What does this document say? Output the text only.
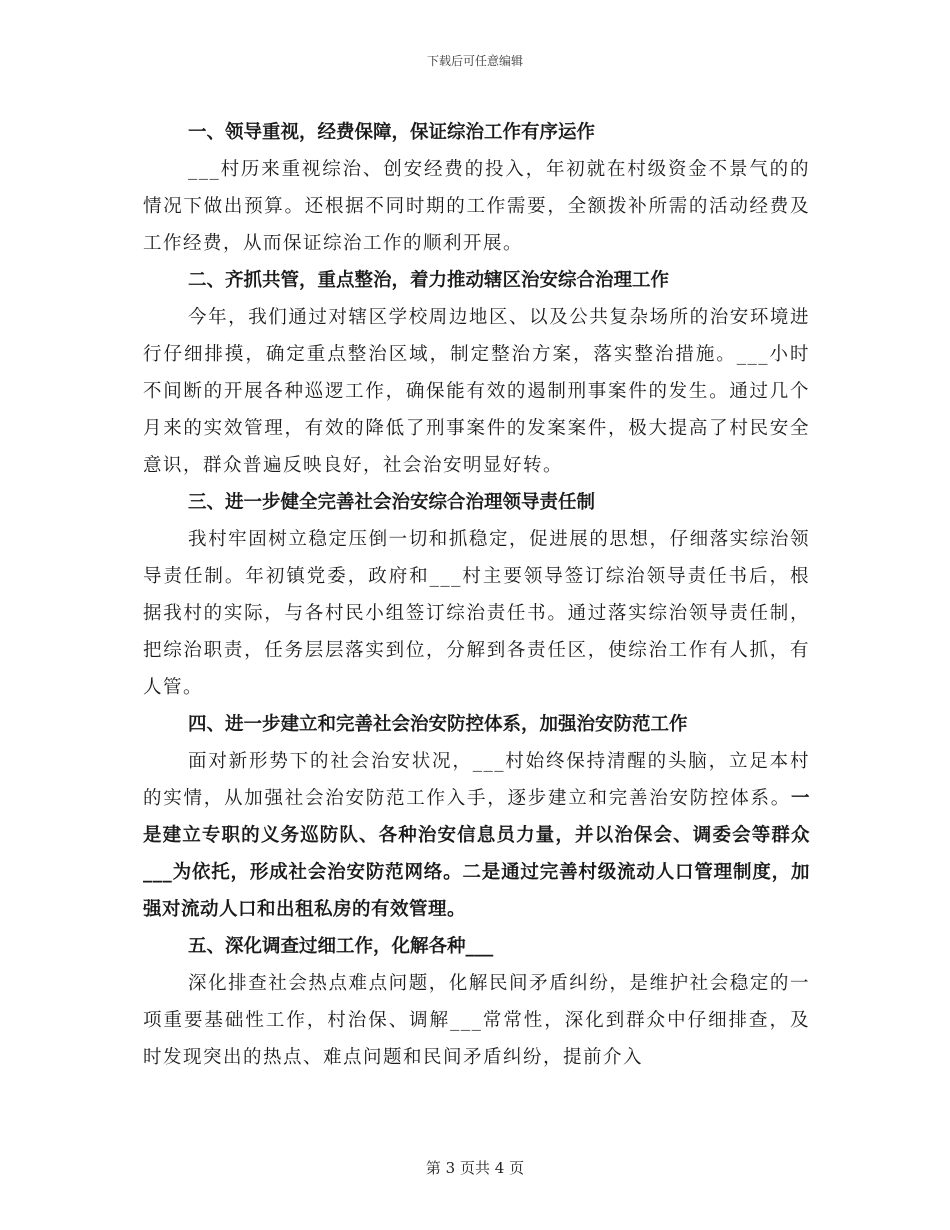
下载后可任意编辑
一、领导重视，经费保障，保证综治工作有序运作
___村历来重视综治、创安经费的投入，年初就在村级资金不景气的的情况下做出预算。还根据不同时期的工作需要，全额拨补所需的活动经费及工作经费，从而保证综治工作的顺利开展。
二、齐抓共管，重点整治，着力推动辖区治安综合治理工作
今年，我们通过对辖区学校周边地区、以及公共复杂场所的治安环境进行仔细排摸，确定重点整治区域，制定整治方案，落实整治措施。___小时不间断的开展各种巡逻工作，确保能有效的遏制刑事案件的发生。通过几个月来的实效管理，有效的降低了刑事案件的发案案件，极大提高了村民安全意识，群众普遍反映良好，社会治安明显好转。
三、进一步健全完善社会治安综合治理领导责任制
我村牢固树立稳定压倒一切和抓稳定，促进展的思想，仔细落实综治领导责任制。年初镇党委，政府和___村主要领导签订综治领导责任书后，根据我村的实际，与各村民小组签订综治责任书。通过落实综治领导责任制，把综治职责，任务层层落实到位，分解到各责任区，使综治工作有人抓，有人管。
四、进一步建立和完善社会治安防控体系，加强治安防范工作
面对新形势下的社会治安状况，___村始终保持清醒的头脑，立足本村的实情，从加强社会治安防范工作入手，逐步建立和完善治安防控体系。一是建立专职的义务巡防队、各种治安信息员力量，并以治保会、调委会等群众___为依托，形成社会治安防范网络。二是通过完善村级流动人口管理制度，加强对流动人口和出租私房的有效管理。
五、深化调查过细工作，化解各种___
深化排查社会热点难点问题，化解民间矛盾纠纷，是维护社会稳定的一项重要基础性工作，村治保、调解___常常性，深化到群众中仔细排查，及时发现突出的热点、难点问题和民间矛盾纠纷，提前介入
第 3 页共 4 页
